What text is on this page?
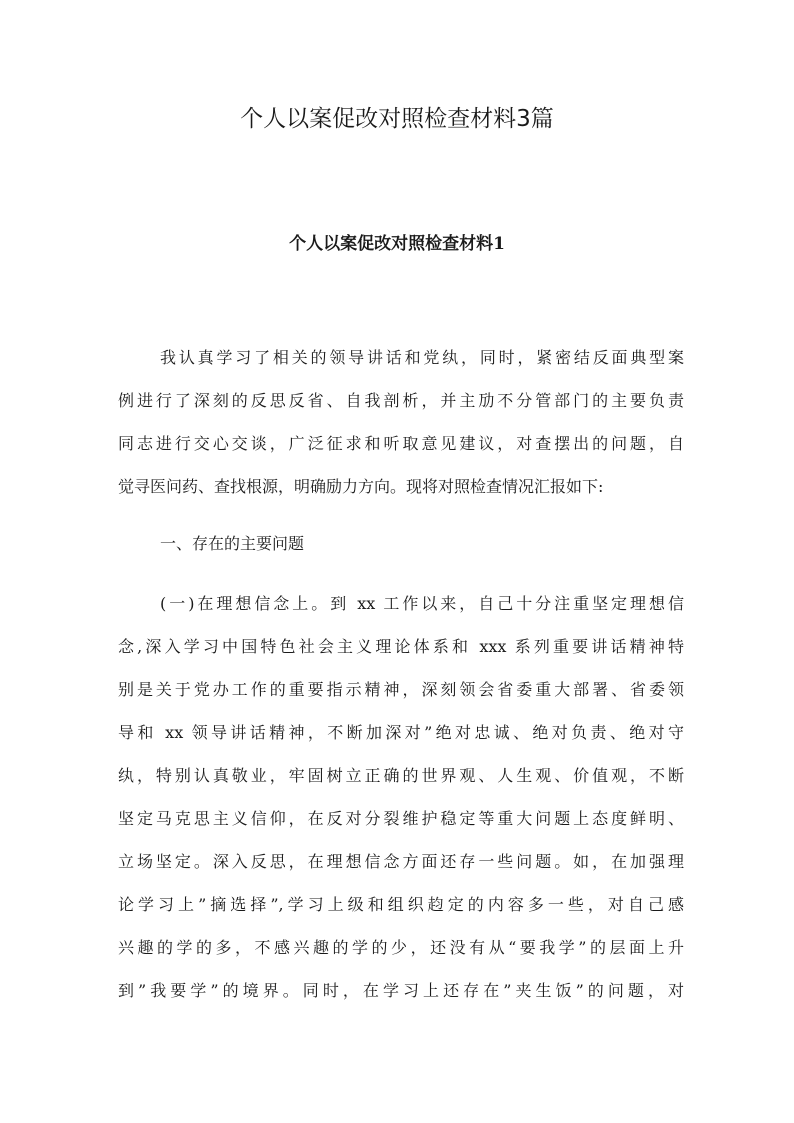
个人以案促改对照检查材料3篇
个人以案促改对照检查材料1

我认真学习了相关的领导讲话和党纨，同时，紧密结反面典型案

例进行了深刻的反思反省、自我剖析，并主劢不分管部门的主要负责

同志进行交心交谈，广泛征求和听取意见建议，对查摆出的问题，自

觉寻医问药、查找根源，明确励力方向。现将对照检查情况汇报如下:

一、存在的主要问题

(一)在理想信念上。到 xx 工作以来，自己十分注重坚定理想信

念,深入学习中国特色社会主义理论体系和 xxx 系列重要讲话精神特

别是关于党办工作的重要指示精神，深刻领会省委重大部署、省委领

导和 xx 领导讲话精神，不断加深对”绝对忠诚、绝对负责、绝对守

纨，特别认真敬业，牢固树立正确的世界观、人生观、价值观，不断

坚定马克思主义信仰，在反对分裂维护稳定等重大问题上态度鲜明、

立场坚定。深入反思，在理想信念方面还存一些问题。如，在加强理

论学习上”摘选择”,学习上级和组织赹定的内容多一些，对自己感

兴趣的学的多，不感兴趣的学的少，还没有从“要我学”的层面上升

到”我要学”的境界。同时，在学习上还存在”夹生饭”的问题，对
